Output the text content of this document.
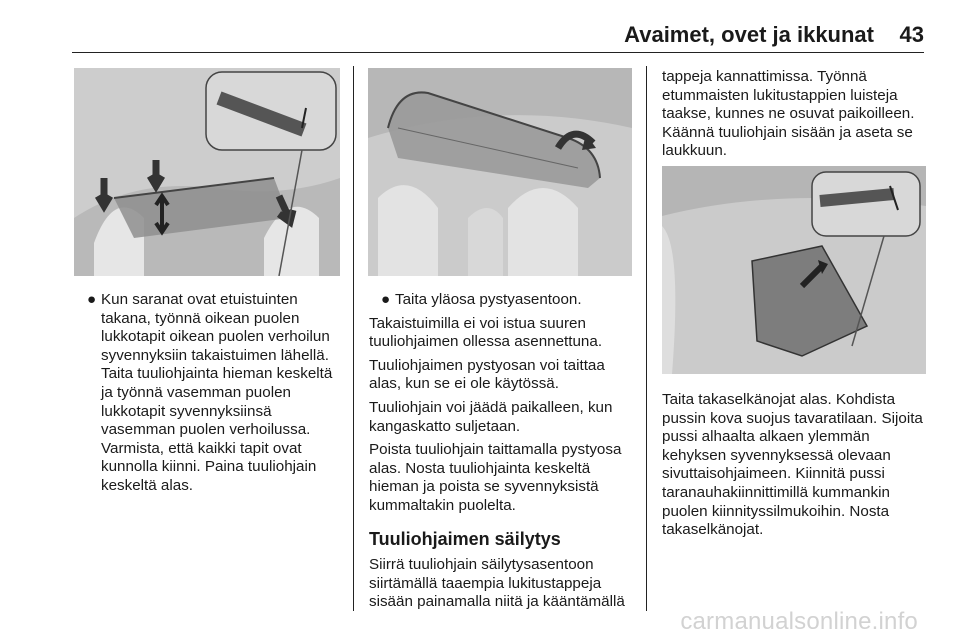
Avaimet, ovet ja ikkunat 43
● Kun saranat ovat etuistuinten takana, työnnä oikean puolen lukkotapit oikean puolen verhoilun syvennyksiin takaistuimen lähellä. Taita tuuliohjainta hieman keskeltä ja työnnä vasemman puolen lukkotapit syvennyksiinsä vasemman puolen verhoilussa. Varmista, että kaikki tapit ovat kunnolla kiinni. Paina tuuliohjain keskeltä alas.
● Taita yläosa pystyasentoon.

Takaistuimilla ei voi istua suuren tuuliohjaimen ollessa asennettuna.

Tuuliohjaimen pystyosan voi taittaa alas, kun se ei ole käytössä.

Tuuliohjain voi jäädä paikalleen, kun kangaskatto suljetaan.

Poista tuuliohjain taittamalla pystyosa alas. Nosta tuuliohjainta keskeltä hieman ja poista se syvennyksistä kummaltakin puolelta.

Tuuliohjaimen säilytys

Siirrä tuuliohjain säilytysasentoon siirtämällä taaempia lukitustappeja sisään painamalla niitä ja kääntämällä

tappeja kannattimissa. Työnnä etummaisten lukitustappien luisteja taakse, kunnes ne osuvat paikoilleen. Käännä tuuliohjain sisään ja aseta se laukkuun.

Taita takaselkänojat alas. Kohdista pussin kova suojus tavaratilaan. Sijoita pussi alhaalta alkaen ylemmän kehyksen syvennyksessä olevaan sivuttaisohjaimeen. Kiinnitä pussi taranauhakiinnittimillä kummankin puolen kiinnityssilmukoihin. Nosta takaselkänojat.

carmanualsonline.info
